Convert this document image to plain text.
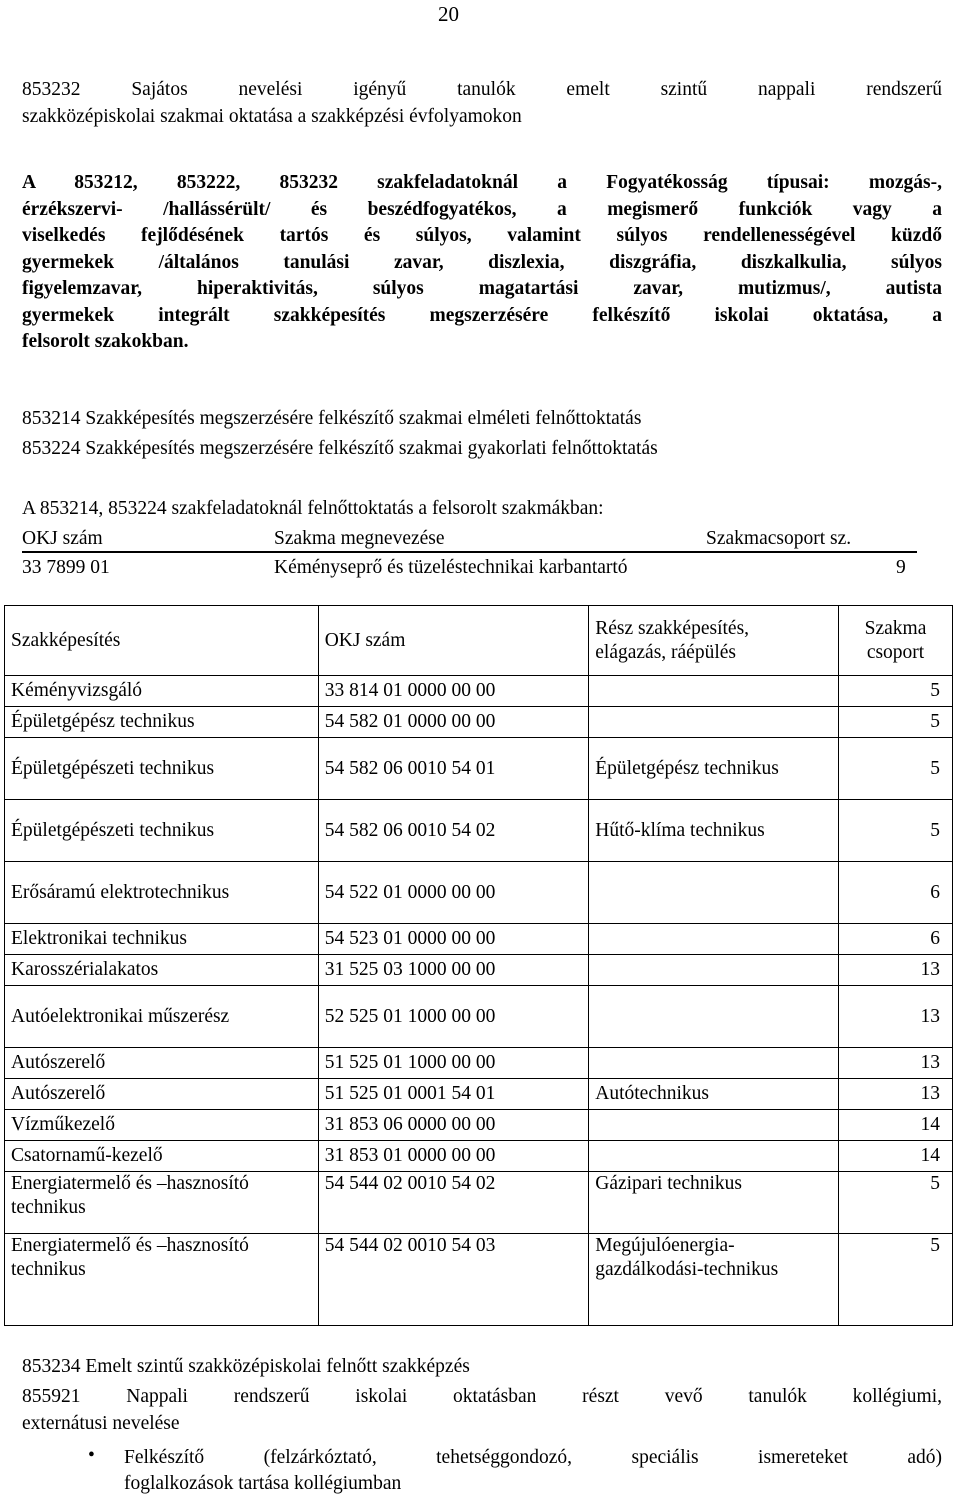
20
853232 Sajátos nevelési igényű tanulók emelt szintű nappali rendszerű
szakközépiskolai szakmai oktatása a szakképzési évfolyamokon
A 853212, 853222, 853232 szakfeladatoknál a Fogyatékosság típusai: mozgás-,
érzékszervi- /hallássérült/ és beszédfogyatékos, a megismerő funkciók vagy a
viselkedés fejlődésének tartós és súlyos, valamint súlyos rendellenességével küzdő
gyermekek /általános tanulási zavar, diszlexia, diszgráfia, diszkalkulia, súlyos
figyelemzavar, hiperaktivitás, súlyos magatartási zavar, mutizmus/, autista
gyermekek integrált szakképesítés megszerzésére felkészítő iskolai oktatása, a
felsorolt szakokban.
853214 Szakképesítés megszerzésére felkészítő szakmai elméleti felnőttoktatás
853224 Szakképesítés megszerzésére felkészítő szakmai gyakorlati felnőttoktatás
A 853214, 853224 szakfeladatoknál felnőttoktatás a felsorolt szakmákban:
OKJ szám	Szakma megnevezése	Szakmacsoport sz.
33 7899 01	Kéményseprő és tüzeléstechnikai karbantartó	9
Szakképesítés	OKJ szám	Rész szakképesítés,
elágazás, ráépülés	Szakma
csoport
Kéményvizsgáló	33 814 01 0000 00 00		5
Épületgépész technikus	54 582 01 0000 00 00		5
Épületgépészeti technikus	54 582 06 0010 54 01	Épületgépész technikus	5
Épületgépészeti technikus	54 582 06 0010 54 02	Hűtő-klíma technikus	5
Erősáramú elektrotechnikus	54 522 01 0000 00 00		6
Elektronikai technikus	54 523 01 0000 00 00		6
Karosszérialakatos	31 525 03 1000 00 00		13
Autóelektronikai műszerész	52 525 01 1000 00 00		13
Autószerelő	51 525 01 1000 00 00		13
Autószerelő	51 525 01 0001 54 01	Autótechnikus	13
Vízműkezelő	31 853 06 0000 00 00		14
Csatornamű-kezelő	31 853 01 0000 00 00		14
Energiatermelő és –hasznosító technikus	54 544 02 0010 54 02	Gázipari technikus	5
Energiatermelő és –hasznosító technikus	54 544 02 0010 54 03	Megújulóenergia-gazdálkodási-technikus	5
853234 Emelt szintű szakközépiskolai felnőtt szakképzés
855921 Nappali rendszerű iskolai oktatásban részt vevő tanulók kollégiumi,
externátusi nevelése
• Felkészítő (felzárkóztató, tehetséggondozó, speciális ismereteket adó)
foglalkozások tartása kollégiumban
